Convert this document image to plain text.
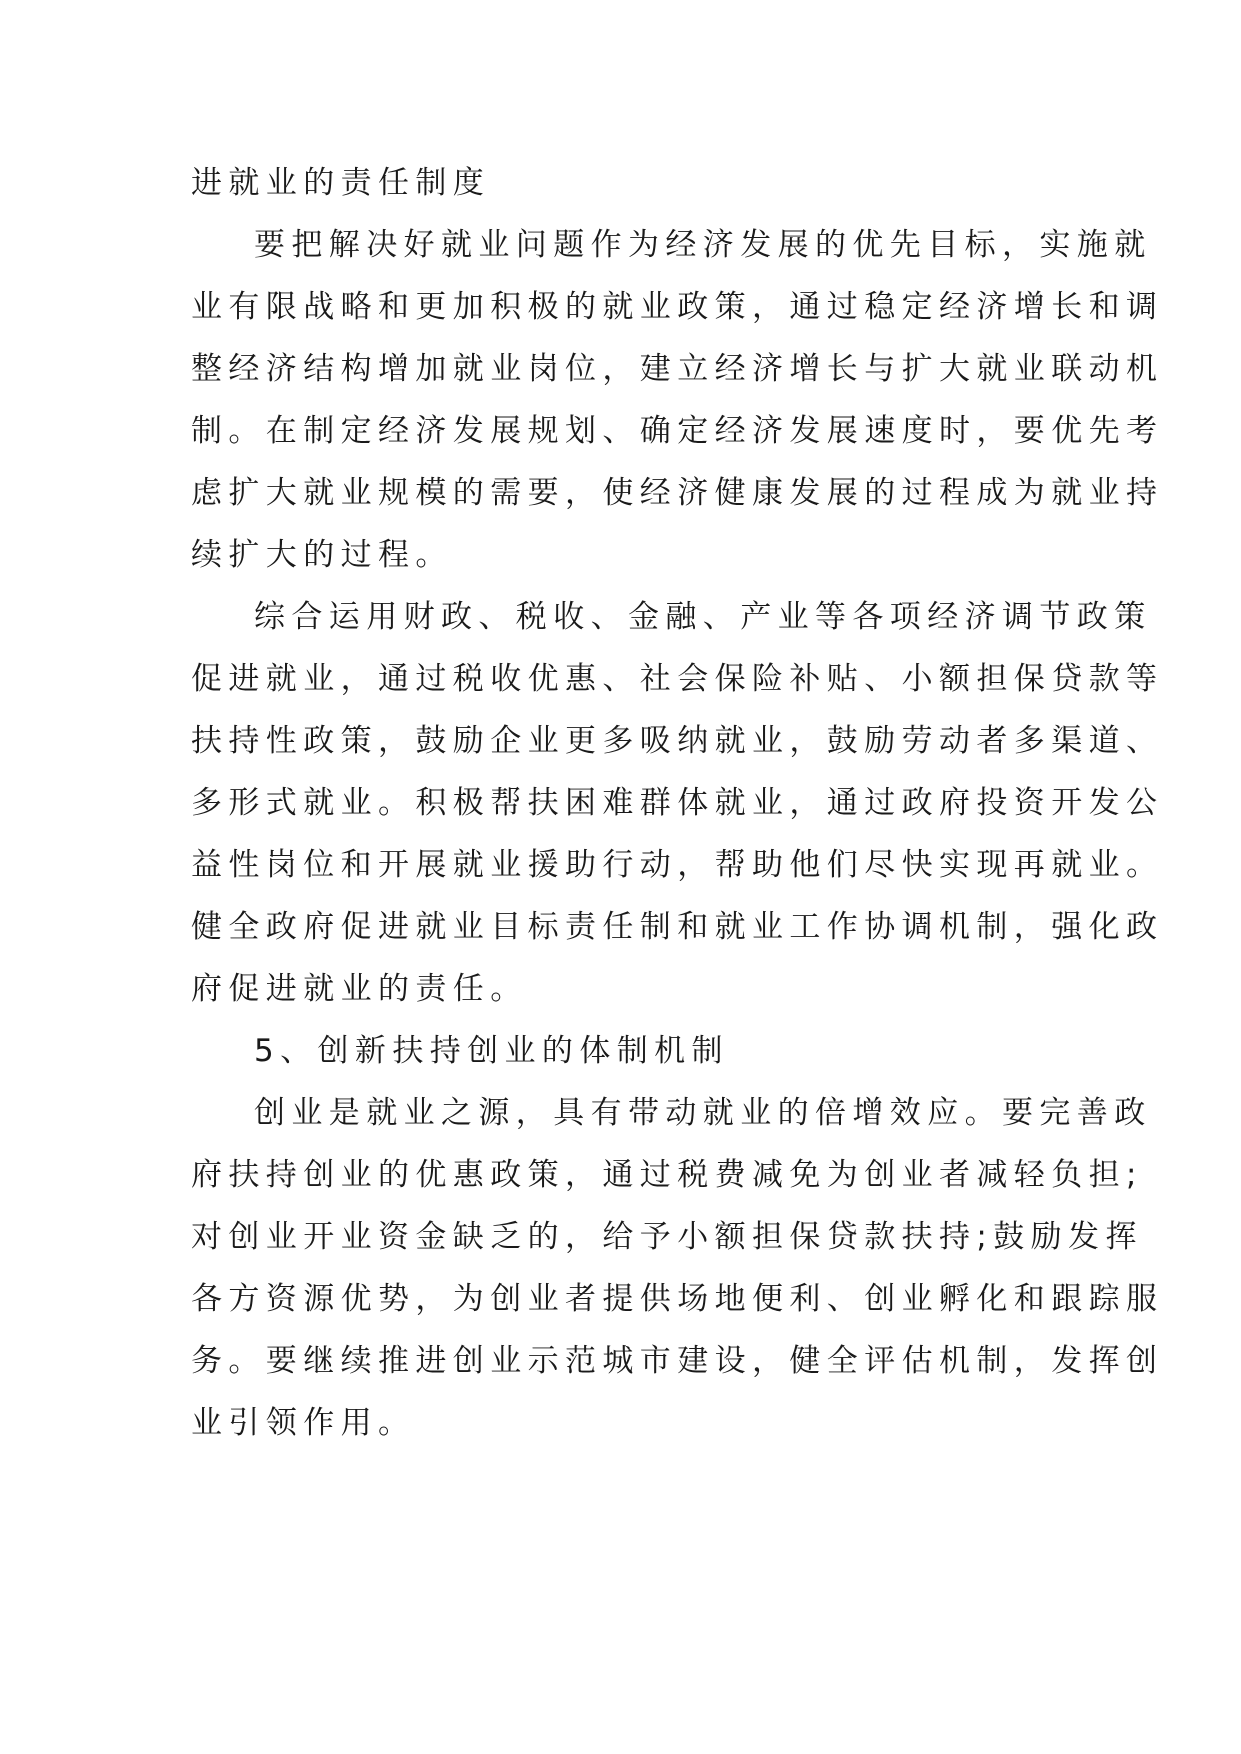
进就业的责任制度
要把解决好就业问题作为经济发展的优先目标，实施就
业有限战略和更加积极的就业政策，通过稳定经济增长和调
整经济结构增加就业岗位，建立经济增长与扩大就业联动机
制。在制定经济发展规划、确定经济发展速度时，要优先考
虑扩大就业规模的需要，使经济健康发展的过程成为就业持
续扩大的过程。
综合运用财政、税收、金融、产业等各项经济调节政策
促进就业，通过税收优惠、社会保险补贴、小额担保贷款等
扶持性政策，鼓励企业更多吸纳就业，鼓励劳动者多渠道、
多形式就业。积极帮扶困难群体就业，通过政府投资开发公
益性岗位和开展就业援助行动，帮助他们尽快实现再就业。
健全政府促进就业目标责任制和就业工作协调机制，强化政
府促进就业的责任。
5、创新扶持创业的体制机制
创业是就业之源，具有带动就业的倍增效应。要完善政
府扶持创业的优惠政策，通过税费减免为创业者减轻负担;
对创业开业资金缺乏的，给予小额担保贷款扶持;鼓励发挥
各方资源优势，为创业者提供场地便利、创业孵化和跟踪服
务。要继续推进创业示范城市建设，健全评估机制，发挥创
业引领作用。
